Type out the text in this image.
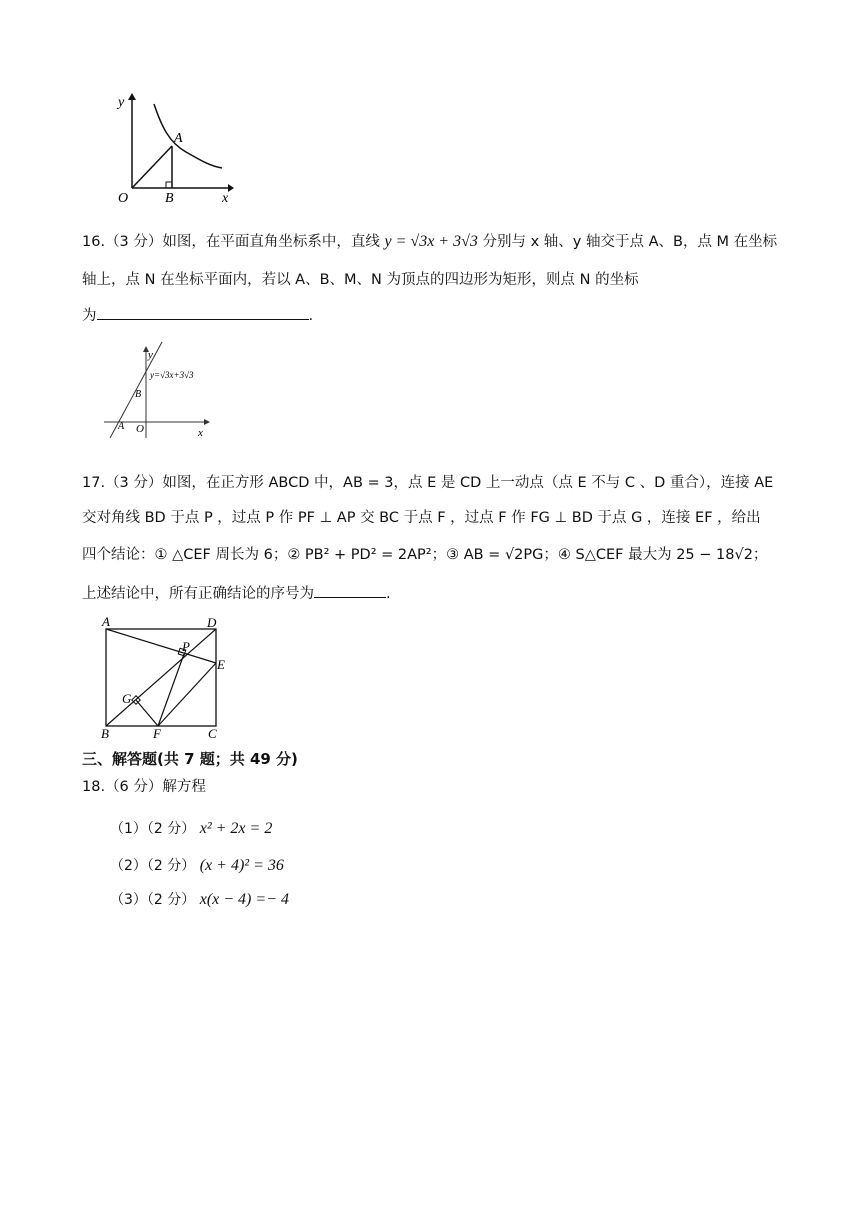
y
x
O
A
B
16.（3 分）如图，在平面直角坐标系中，直线 y = √3x + 3√3 分别与 x 轴、y 轴交于点 A、B，点 M 在坐标
轴上，点 N 在坐标平面内，若以 A、B、M、N 为顶点的四边形为矩形，则点 N 的坐标
为	.
y
x
O
A
B
y=√3x+3√3
17.（3 分）如图，在正方形 ABCD 中，AB = 3，点 E 是 CD 上一动点（点 E 不与 C 、D 重合），连接 AE
交对角线 BD 于点 P ，过点 P 作 PF ⊥ AP 交 BC 于点 F ，过点 F 作 FG ⊥ BD 于点 G ，连接 EF ，给出
四个结论：① △CEF 周长为 6；② PB² + PD² = 2AP²；③ AB = √2PG；④ S△CEF 最大为 25 − 18√2；
上述结论中，所有正确结论的序号为	.
A	D
P
E
G
B	F	C
三、解答题(共 7 题；共 49 分)
18.（6 分）解方程
（1）（2 分） x² + 2x = 2
（2）（2 分） (x + 4)² = 36
（3）（2 分） x(x − 4) =− 4
